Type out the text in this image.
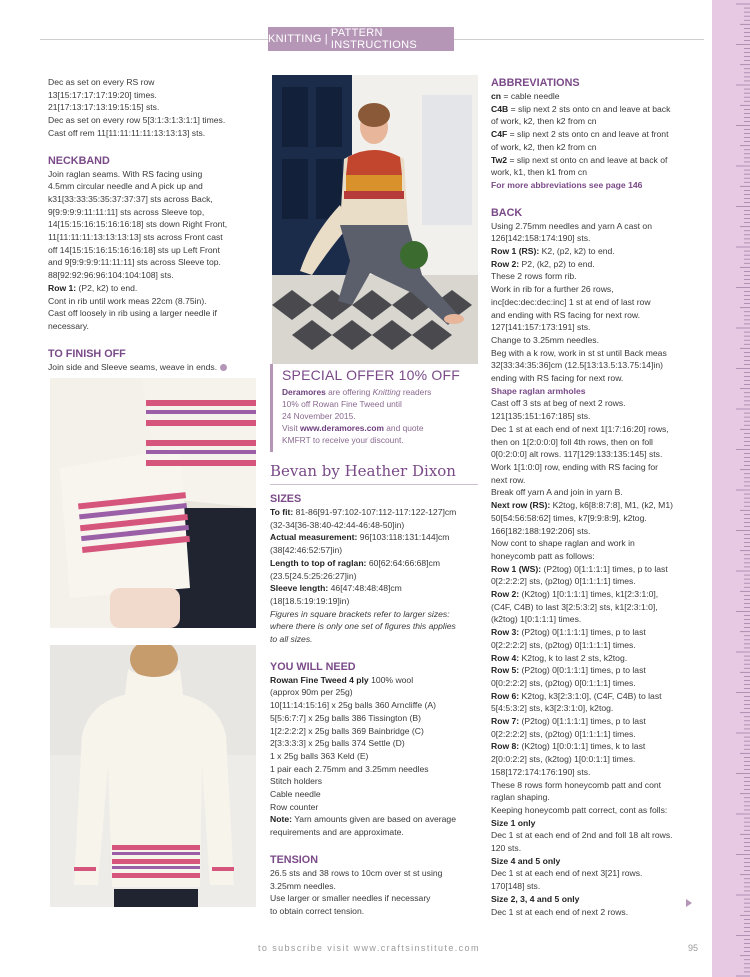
KNITTING | PATTERN INSTRUCTIONS

Dec as set on every RS row

13[15:17:17:17:19:20] times.

21[17:13:17:13:19:15:15] sts.

Dec as set on every row 5[3:1:3:1:3:1:1] times.

Cast off rem 11[11:11:11:11:13:13:13] sts.

NECKBAND

Join raglan seams. With RS facing using

4.5mm circular needle and A pick up and

k31[33:33:35:35:37:37:37] sts across Back,

9[9:9:9:9:11:11:11] sts across Sleeve top,

14[15:15:16:15:16:16:18] sts down Right Front,

11[11:11:11:13:13:13:13] sts across Front cast

off 14[15:15:16:15:16:16:18] sts up Left Front

and 9[9:9:9:9:11:11:11] sts across Sleeve top.

88[92:92:96:96:104:104:108] sts.

Row 1: (P2, k2) to end.

Cont in rib until work meas 22cm (8.75in).

Cast off loosely in rib using a larger needle if

necessary.

TO FINISH OFF

Join side and Sleeve seams, weave in ends.

SPECIAL OFFER 10% OFF
Deramores are offering Knitting readers
10% off Rowan Fine Tweed until
24 November 2015.
Visit www.deramores.com and quote
KMFRT to receive your discount.
Bevan by Heather Dixon

SIZES

To fit: 81-86[91-97:102-107:112-117:122-127]cm

(32-34[36-38:40-42:44-46:48-50]in)

Actual measurement: 96[103:118:131:144]cm

(38[42:46:52:57]in)

Length to top of raglan: 60[62:64:66:68]cm

(23.5[24.5:25:26:27]in)

Sleeve length: 46[47:48:48:48]cm

(18[18.5:19:19:19]in)

Figures in square brackets refer to larger sizes:

where there is only one set of figures this applies

to all sizes.

YOU WILL NEED

Rowan Fine Tweed 4 ply 100% wool

(approx 90m per 25g)

10[11:14:15:16] x 25g balls 360 Arncliffe (A)

5[5:6:7:7] x 25g balls 386 Tissington (B)

1[2:2:2:2] x 25g balls 369 Bainbridge (C)

2[3:3:3:3] x 25g balls 374 Settle (D)

1 x 25g balls 363 Keld (E)

1 pair each 2.75mm and 3.25mm needles

Stitch holders

Cable needle

Row counter

Note: Yarn amounts given are based on average

requirements and are approximate.

TENSION

26.5 sts and 38 rows to 10cm over st st using

3.25mm needles.

Use larger or smaller needles if necessary

to obtain correct tension.

ABBREVIATIONS

cn = cable needle

C4B = slip next 2 sts onto cn and leave at back

of work, k2, then k2 from cn

C4F = slip next 2 sts onto cn and leave at front

of work, k2, then k2 from cn

Tw2 = slip next st onto cn and leave at back of

work, k1, then k1 from cn

For more abbreviations see page 146

BACK

Using 2.75mm needles and yarn A cast on

126[142:158:174:190] sts.

Row 1 (RS): K2, (p2, k2) to end.

Row 2: P2, (k2, p2) to end.

These 2 rows form rib.

Work in rib for a further 26 rows,

inc[dec:dec:dec:inc] 1 st at end of last row

and ending with RS facing for next row.

127[141:157:173:191] sts.

Change to 3.25mm needles.

Beg with a k row, work in st st until Back meas

32[33:34:35:36]cm (12.5[13:13.5:13.75:14]in)

ending with RS facing for next row.

Shape raglan armholes

Cast off 3 sts at beg of next 2 rows.

121[135:151:167:185] sts.

Dec 1 st at each end of next 1[1:7:16:20] rows,

then on 1[2:0:0:0] foll 4th rows, then on foll

0[0:2:0:0] alt rows. 117[129:133:135:145] sts.

Work 1[1:0:0] row, ending with RS facing for

next row.

Break off yarn A and join in yarn B.

Next row (RS): K2tog, k6[8:8:7:8], M1, (k2, M1)

50[54:56:58:62] times, k7[9:9:8:9], k2tog.

166[182:188:192:206] sts.

Now cont to shape raglan and work in

honeycomb patt as follows:

Row 1 (WS): (P2tog) 0[1:1:1:1] times, p to last

0[2:2:2:2] sts, (p2tog) 0[1:1:1:1] times.

Row 2: (K2tog) 1[0:1:1:1] times, k1[2:3:1:0],

(C4F, C4B) to last 3[2:5:3:2] sts, k1[2:3:1:0],

(k2tog) 1[0:1:1:1] times.

Row 3: (P2tog) 0[1:1:1:1] times, p to last

0[2:2:2:2] sts, (p2tog) 0[1:1:1:1] times.

Row 4: K2tog, k to last 2 sts, k2tog.

Row 5: (P2tog) 0[0:1:1:1] times, p to last

0[0:2:2:2] sts, (p2tog) 0[0:1:1:1] times.

Row 6: K2tog, k3[2:3:1:0], (C4F, C4B) to last

5[4:5:3:2] sts, k3[2:3:1:0], k2tog.

Row 7: (P2tog) 0[1:1:1:1] times, p to last

0[2:2:2:2] sts, (p2tog) 0[1:1:1:1] times.

Row 8: (K2tog) 1[0:0:1:1] times, k to last

2[0:0:2:2] sts, (k2tog) 1[0:0:1:1] times.

158[172:174:176:190] sts.

These 8 rows form honeycomb patt and cont

raglan shaping.

Keeping honeycomb patt correct, cont as folls:

Size 1 only

Dec 1 st at each end of 2nd and foll 18 alt rows.

120 sts.

Size 4 and 5 only

Dec 1 st at each end of next 3[21] rows.

170[148] sts.

Size 2, 3, 4 and 5 only

Dec 1 st at each end of next 2 rows.

to subscribe visit www.craftsinstitute.com	95
